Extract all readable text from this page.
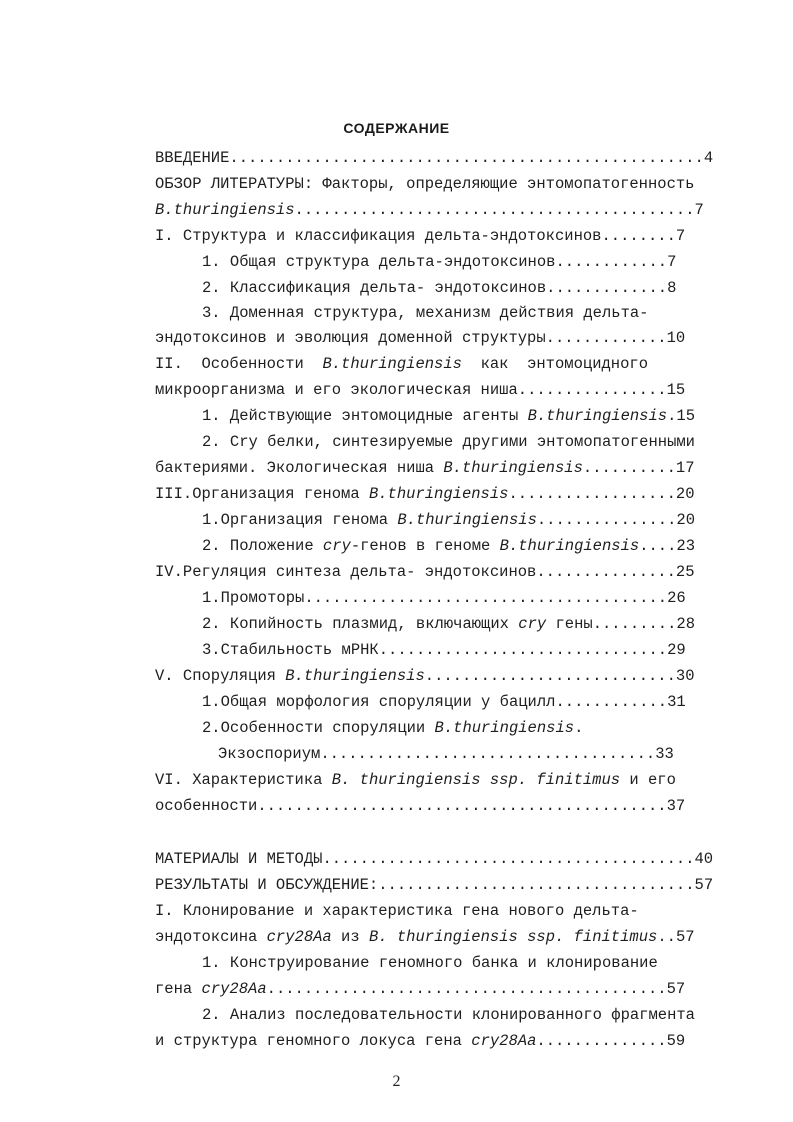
СОДЕРЖАНИЕ
ВВЕДЕНИЕ...................................................4
ОБЗОР ЛИТЕРАТУРЫ: Факторы, определяющие энтомопатогенность
B.thuringiensis...........................................7
I. Структура и классификация дельта-эндотоксинов........7
1. Общая структура дельта-эндотоксинов............7
2. Классификация дельта- эндотоксинов.............8
3. Доменная структура, механизм действия дельта-
эндотоксинов и эволюция доменной структуры.............10
II.  Особенности  B.thuringiensis  как  энтомоцидного
микроорганизма и его экологическая ниша................15
1. Действующие энтомоцидные агенты B.thuringiensis.15
2. Cry белки, синтезируемые другими энтомопатогенными
бактериями. Экологическая ниша B.thuringiensis..........17
III.Организация генома B.thuringiensis..................20
1.Организация генома B.thuringiensis...............20
2. Положение cry-генов в геноме B.thuringiensis....23
IV.Регуляция синтеза дельта- эндотоксинов...............25
1.Промоторы.......................................26
2. Копийность плазмид, включающих cry гены.........28
3.Стабильность мРНК...............................29
V. Споруляция B.thuringiensis...........................30
1.Общая морфология споруляции у бацилл............31
2.Особенности споруляции B.thuringiensis.
Экзоспориум....................................33
VI. Характеристика B. thuringiensis ssp. finitimus и его
особенности............................................37
МАТЕРИАЛЫ И МЕТОДЫ........................................40
РЕЗУЛЬТАТЫ И ОБСУЖДЕНИЕ:..................................57
I. Клонирование и характеристика гена нового дельта-
эндотоксина cry28Aa из B. thuringiensis ssp. finitimus..57
1. Конструирование геномного банка и клонирование
гена cry28Aa...........................................57
2. Анализ последовательности клонированного фрагмента
и структура геномного локуса гена cry28Aa..............59
2
